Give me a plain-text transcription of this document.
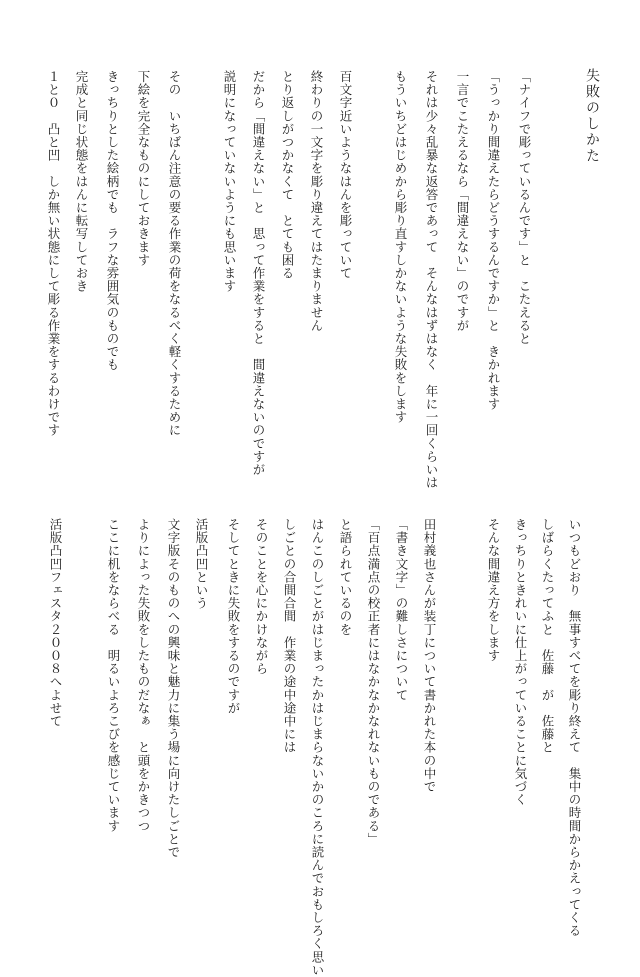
失敗のしかた
「ナイフで彫っているんです」と　こたえると
「うっかり間違えたらどうするんですか」と　きかれます
一言でこたえるなら「間違えない」のですが
それは少々乱暴な返答であって　そんなはずはなく　年に一回くらいは
もういちどはじめから彫り直すしかないような失敗をします
百文字近いようなはんを彫っていて
終わりの一文字を彫り違えてはたまりません
とり返しがつかなくて　とても困る
だから「間違えない」と　思って作業をすると　間違えないのですが
説明になっていないようにも思います
その　いちばん注意の要る作業の荷をなるべく軽くするために
下絵を完全なものにしておきます
きっちりとした絵柄でも　ラフな雰囲気のものでも
完成と同じ状態をはんに転写しておき
１と０　凸と凹　しか無い状態にして彫る作業をするわけです
いつもどおり　無事すべてを彫り終えて　集中の時間からかえってくる
しばらくたってふと　佐藤　が　佐藤と
きっちりときれいに仕上がっていることに気づく
そんな間違え方をします
田村義也さんが装丁について書かれた本の中で
「書き文字」の難しさについて
「百点満点の校正者にはなかなかなれないものである」
と語られているのを
はんこのしごとがはじまったかはじまらないかのころに読んでおもしろく思い
しごとの合間合間　作業の途中途中には
そのことを心にかけながら
そしてときに失敗をするのですが
活版凸凹という
文字版そのものへの興味と魅力に集う場に向けたしごとで
よりによった失敗をしたものだなぁ　と頭をかきつつ
ここに机をならべる　明るいよろこびを感じています
活版凸凹フェスタ２００８へよせて
